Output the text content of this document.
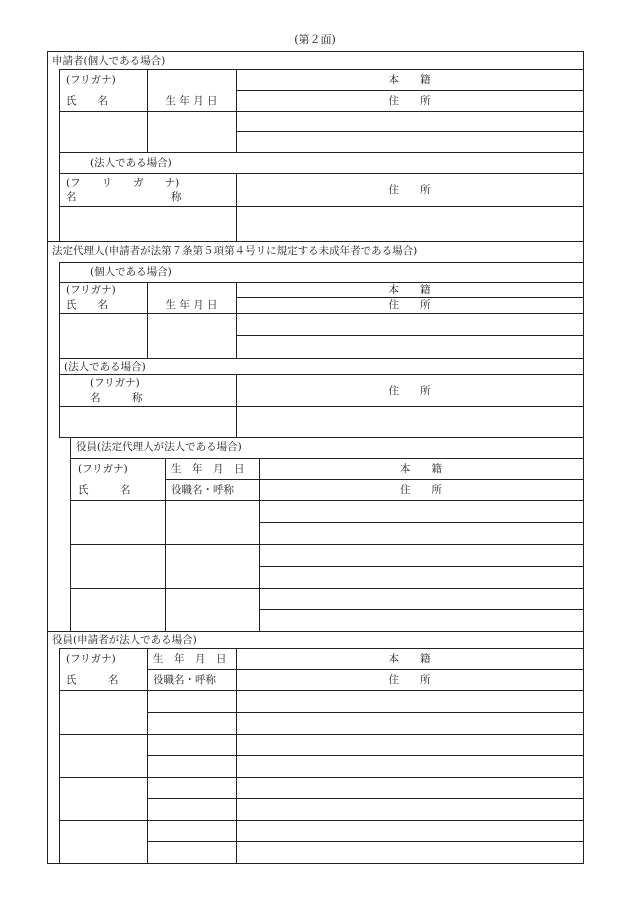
(第２面)
申請者(個人である場合)
(フリガナ)
氏　　名	生 年 月 日
本　　籍
住　　所
(法人である場合)
(フ　　リ　　ガ　　ナ)
名　　　　　　　　　称
住　　所
法定代理人(申請者が法第７条第５項第４号リに規定する未成年者である場合)
(個人である場合)
(フリガナ)
氏　　名	生 年 月 日
本　　籍
住　　所
(法人である場合)
(フリガナ)
名　　　称
住　　所
役員(法定代理人が法人である場合)
(フリガナ)
氏　　　名
生　年　月　日
役職名・呼称
本　　籍
住　　所
役員(申請者が法人である場合)
(フリガナ)
氏　　　名
生　年　月　日
役職名・呼称
本　　籍
住　　所
